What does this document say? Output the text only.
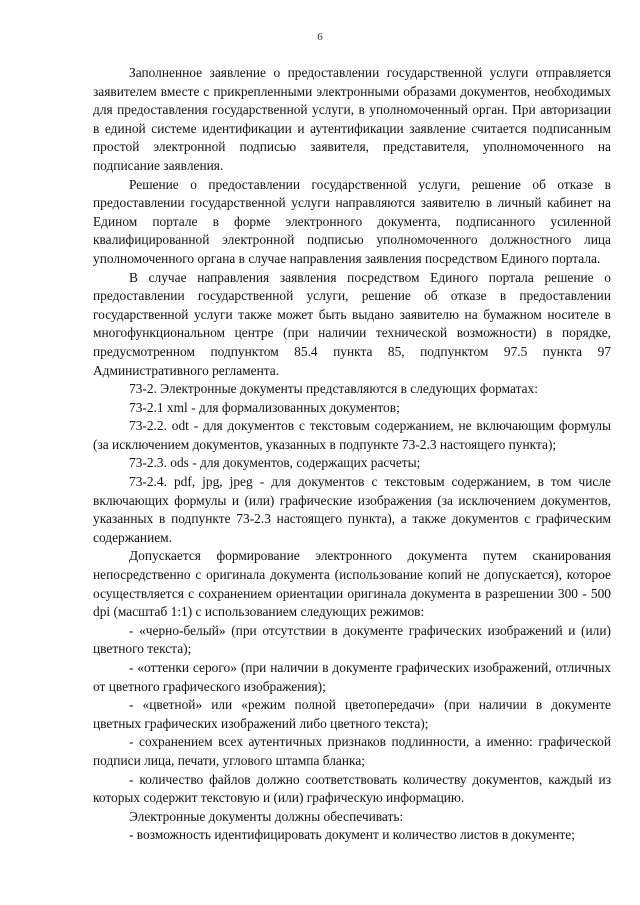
6

Заполненное заявление о предоставлении государственной услуги отправляется заявителем вместе с прикрепленными электронными образами документов, необходимых для предоставления государственной услуги, в уполномоченный орган. При авторизации в единой системе идентификации и аутентификации заявление считается подписанным простой электронной подписью заявителя, представителя, уполномоченного на подписание заявления.

Решение о предоставлении государственной услуги, решение об отказе в предоставлении государственной услуги направляются заявителю в личный кабинет на Едином портале в форме электронного документа, подписанного усиленной квалифицированной электронной подписью уполномоченного должностного лица уполномоченного органа в случае направления заявления посредством Единого портала.

В случае направления заявления посредством Единого портала решение о предоставлении государственной услуги, решение об отказе в предоставлении государственной услуги также может быть выдано заявителю на бумажном носителе в многофункциональном центре (при наличии технической возможности) в порядке, предусмотренном подпунктом 85.4 пункта 85, подпунктом 97.5 пункта 97 Административного регламента.

73-2. Электронные документы представляются в следующих форматах:

73-2.1 xml - для формализованных документов;

73-2.2. odt - для документов с текстовым содержанием, не включающим формулы (за исключением документов, указанных в подпункте 73-2.3 настоящего пункта);

73-2.3. ods - для документов, содержащих расчеты;

73-2.4. pdf, jpg, jpeg - для документов с текстовым содержанием, в том числе включающих формулы и (или) графические изображения (за исключением документов, указанных в подпункте 73-2.3 настоящего пункта), а также документов с графическим содержанием.

Допускается формирование электронного документа путем сканирования непосредственно с оригинала документа (использование копий не допускается), которое осуществляется с сохранением ориентации оригинала документа в разрешении 300 - 500 dpi (масштаб 1:1) с использованием следующих режимов:

- «черно-белый» (при отсутствии в документе графических изображений и (или) цветного текста);

- «оттенки серого» (при наличии в документе графических изображений, отличных от цветного графического изображения);

- «цветной» или «режим полной цветопередачи» (при наличии в документе цветных графических изображений либо цветного текста);

- сохранением всех аутентичных признаков подлинности, а именно: графической подписи лица, печати, углового штампа бланка;

- количество файлов должно соответствовать количеству документов, каждый из которых содержит текстовую и (или) графическую информацию.

Электронные документы должны обеспечивать:

- возможность идентифицировать документ и количество листов в документе;
